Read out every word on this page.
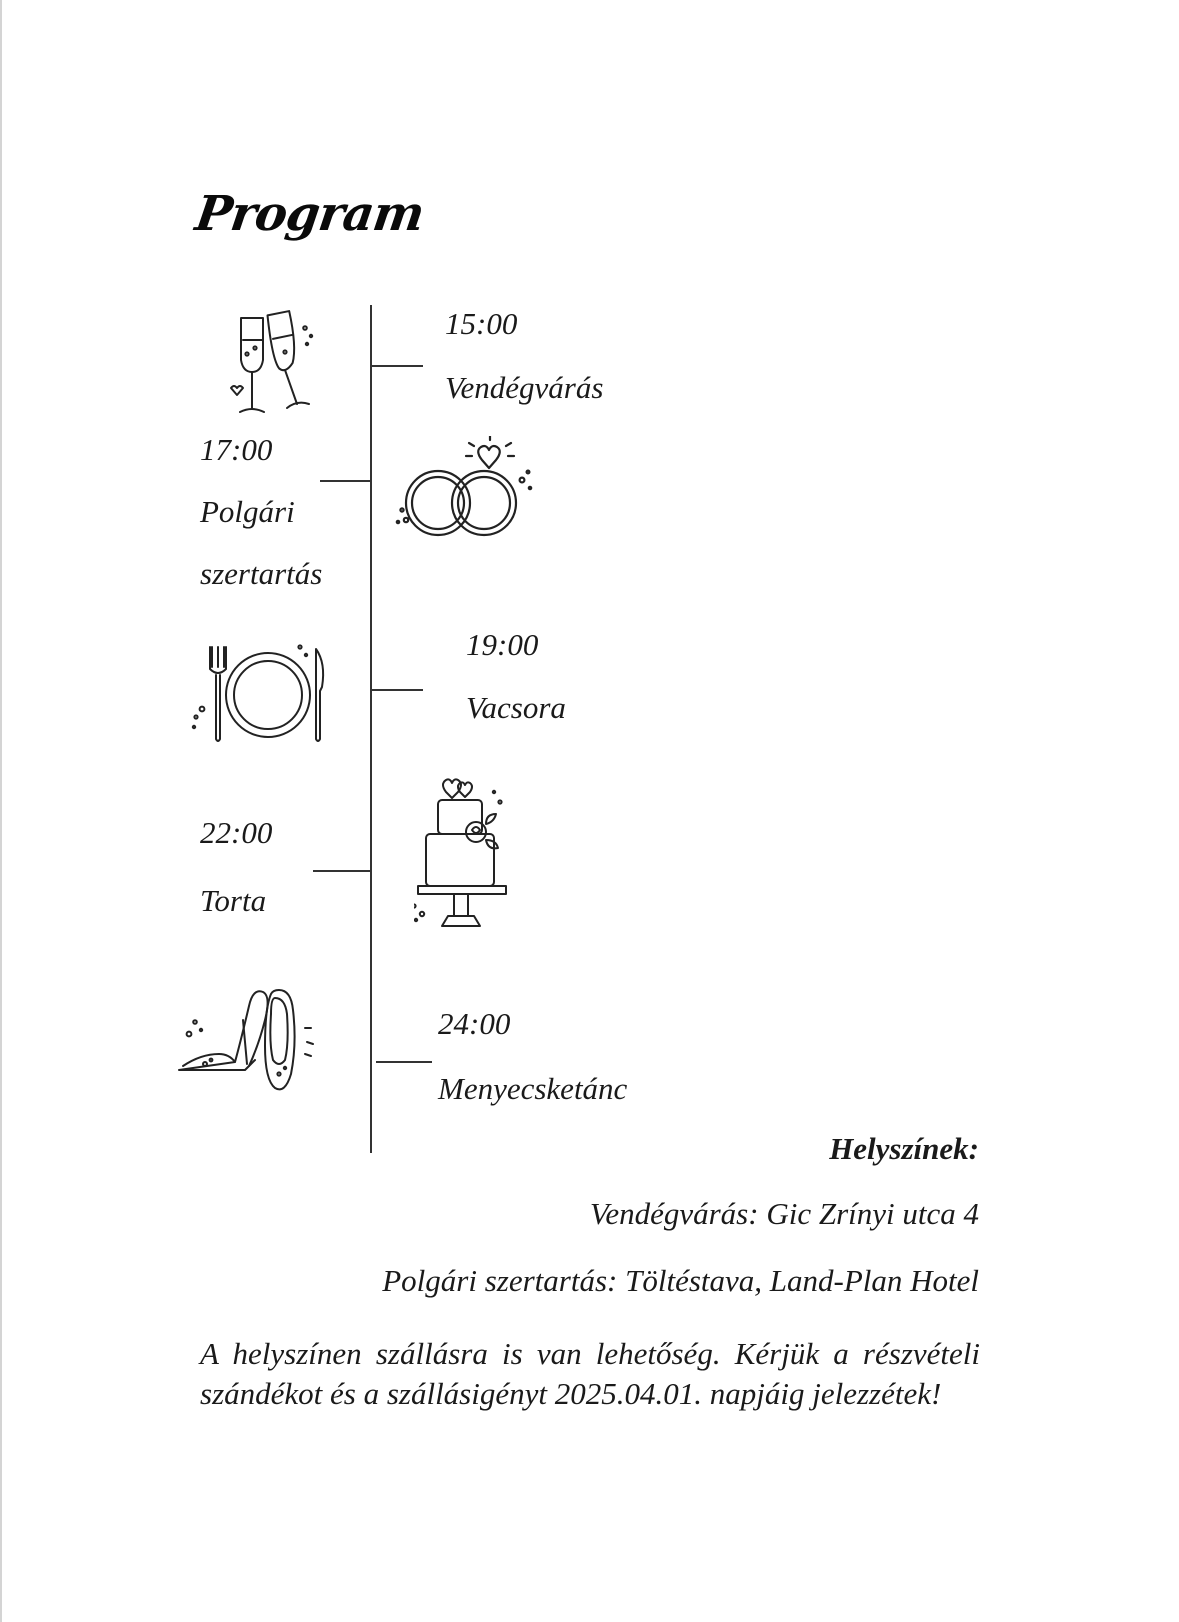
Program
15:00
Vendégvárás
17:00
Polgári
szertartás
19:00
Vacsora
22:00
Torta
24:00
Menyecsketánc
Helyszínek:
Vendégvárás: Gic Zrínyi utca 4
Polgári szertartás: Töltéstava, Land-Plan Hotel
A helyszínen szállásra is van lehetőség. Kérjük a részvételi szándékot és a szállásigényt 2025.04.01. napjáig jelezzétek!
